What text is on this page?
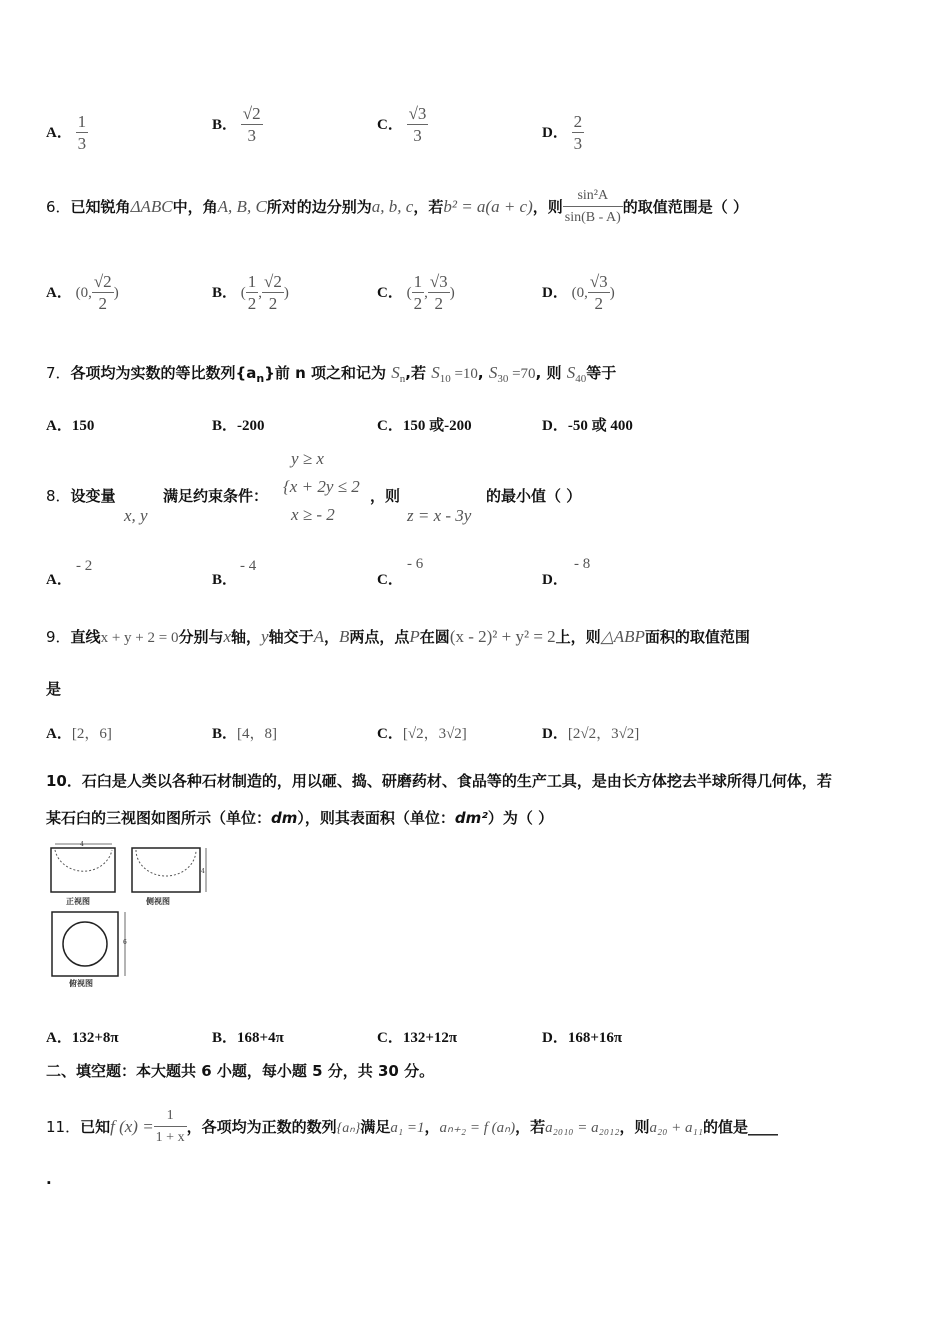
A． $\frac{1}{3}$	B． $\frac{√2}{3}$	C． $\frac{√3}{3}$	D． $\frac{2}{3}$
6．已知锐角ΔABC中，角A, B, C所对的边分别为a, b, c，若b² = a(a + c)，则 $\frac{\text{sin²A}}{\sin(B - A)}$ 的取值范围是（ ）
A． (0, $\frac{√2}{2}$ )	B． ( $\frac{1}{2}$ , $\frac{√2}{2}$ )	C． ( $\frac{1}{2}$ , $\frac{√3}{2}$ )	D． (0, $\frac{√3}{2}$ )
7．各项均为实数的等比数列$\{a_n\}$前 n 项之和记为 $S_n$,若 $S_{10} =10$, $S_{30} =70$, 则 $S_{40}$等于
A．150	B．-200	C．150 或-200	D．-50 或 400
8．设变量
x, y
满足约束条件：
y ≥ x
{x + 2y ≤ 2
x ≥ - 2
，则
z = x - 3y
的最小值（ ）
A．
- 2
B．
- 4
C．
- 6
D．
- 8
9．直线x + y + 2 = 0分别与x轴，y轴交于A，B两点，点P在圆(x - 2)² + y² = 2上，则△ABP面积的取值范围
是
A．[2，6]	B．[4，8]	C．[√2，3√2]	D．[2√2，3√2]
10．石臼是人类以各种石材制造的，用以砸、捣、研磨药材、食品等的生产工具，是由长方体挖去半球所得几何体，若
某石臼的三视图如图所示（单位：dm），则其表面积（单位：dm²）为（ ）
4
正视图
4
侧视图
6
俯视图
A．132+8π	B．168+4π	C．132+12π	D．168+16π
二、填空题：本大题共 6 小题，每小题 5 分，共 30 分。
11．已知f $(x) = \frac{1}{1 + x}$ ，各项均为正数的数列{aₙ}满足a₁ =1，aₙ₊₂ = f (aₙ)，若a₂₀₁₀ = a₂₀₁₂，则a₂₀ + a₁₁的值是____
.
